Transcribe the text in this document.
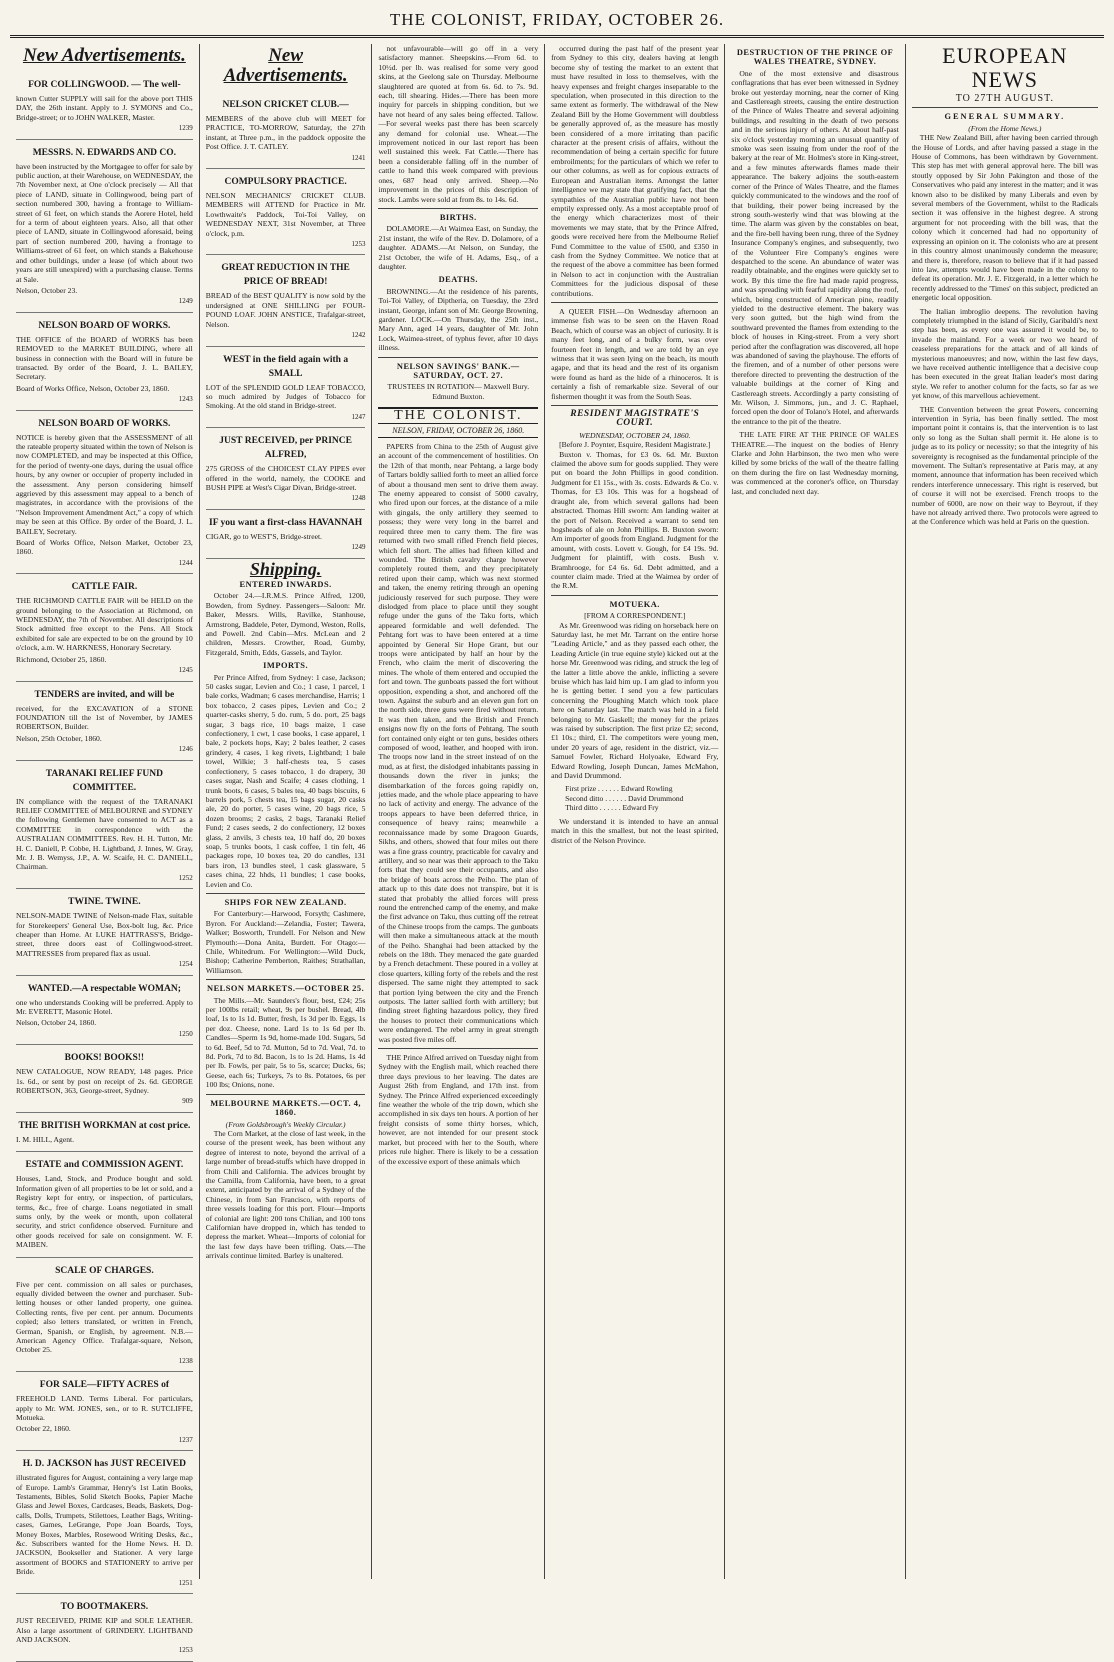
THE COLONIST, FRIDAY, OCTOBER 26.
New Advertisements.
FOR COLLINGWOOD. — The well-

known Cutter SUPPLY will sail for the above port THIS DAY, the 26th instant. Apply to J. SYMONS and Co., Bridge-street; or to JOHN WALKER, Master.

1239
MESSRS. N. EDWARDS AND CO.

have been instructed by the Mortgagee to offer for sale by public auction, at their Warehouse, on WEDNESDAY, the 7th November next, at One o'clock precisely — All that piece of LAND, situate in Collingwood, being part of section numbered 300, having a frontage to William-street of 61 feet, on which stands the Aorere Hotel, held for a term of about eighteen years. Also, all that other piece of LAND, situate in Collingwood aforesaid, being part of section numbered 200, having a frontage to Williams-street of 61 feet, on which stands a Bakehouse and other buildings, under a lease (of which about two years are still unexpired) with a purchasing clause. Terms at Sale.

Nelson, October 23.

1249
NELSON BOARD OF WORKS.

THE OFFICE of the BOARD of WORKS has been REMOVED to the MARKET BUILDING, where all business in connection with the Board will in future be transacted. By order of the Board, J. L. BAILEY, Secretary.

Board of Works Office, Nelson, October 23, 1860.

1243
NELSON BOARD OF WORKS.

NOTICE is hereby given that the ASSESSMENT of all the rateable property situated within the town of Nelson is now COMPLETED, and may be inspected at this Office, for the period of twenty-one days, during the usual office hours, by any owner or occupier of property included in the assessment. Any person considering himself aggrieved by this assessment may appeal to a bench of magistrates, in accordance with the provisions of the "Nelson Improvement Amendment Act," a copy of which may be seen at this Office. By order of the Board, J. L. BAILEY, Secretary.

Board of Works Office, Nelson Market, October 23, 1860.

1244
CATTLE FAIR.

THE RICHMOND CATTLE FAIR will be HELD on the ground belonging to the Association at Richmond, on WEDNESDAY, the 7th of November. All descriptions of Stock admitted free except to the Pens. All Stock exhibited for sale are expected to be on the ground by 10 o'clock, a.m. W. HARKNESS, Honorary Secretary.

Richmond, October 25, 1860.

1245
TENDERS are invited, and will be

received, for the EXCAVATION of a STONE FOUNDATION till the 1st of November, by JAMES ROBERTSON, Builder.

Nelson, 25th October, 1860.

1246
TARANAKI RELIEF FUND COMMITTEE.

IN compliance with the request of the TARANAKI RELIEF COMMITTEE of MELBOURNE and SYDNEY the following Gentlemen have consented to ACT as a COMMITTEE in correspondence with the AUSTRALIAN COMMITTEES. Rev. H. H. Tutton, Mr. H. C. Daniell, P. Cobbe, H. Lightband, J. Innes, W. Gray, Mr. J. B. Wemyss, J.P., A. W. Scaife, H. C. DANIELL, Chairman.

1252
TWINE. TWINE.

NELSON-MADE TWINE of Nelson-made Flax, suitable for Storekeepers' General Use, Box-bolt lug, &c. Price cheaper than Home. At LUKE HATTRASS'S, Bridge-street, three doors east of Collingwood-street. MATTRESSES from prepared flax as usual.

1254
WANTED.—A respectable WOMAN;

one who understands Cooking will be preferred. Apply to Mr. EVERETT, Masonic Hotel.

Nelson, October 24, 1860.

1250
BOOKS! BOOKS!!

NEW CATALOGUE, NOW READY, 148 pages. Price 1s. 6d., or sent by post on receipt of 2s. 6d. GEORGE ROBERTSON, 363, George-street, Sydney.

909
THE BRITISH WORKMAN at cost price.

I. M. HILL, Agent.

ESTATE and COMMISSION AGENT.

Houses, Land, Stock, and Produce bought and sold. Information given of all properties to be let or sold, and a Registry kept for entry, or inspection, of particulars, terms, &c., free of charge. Loans negotiated in small sums only, by the week or month, upon collateral security, and strict confidence observed. Furniture and other goods received for sale on consignment. W. F. MAIBEN.

SCALE OF CHARGES.

Five per cent. commission on all sales or purchases, equally divided between the owner and purchaser. Sub-letting houses or other landed property, one guinea. Collecting rents, five per cent. per annum. Documents copied; also letters translated, or written in French, German, Spanish, or English, by agreement. N.B.—American Agency Office. Trafalgar-square, Nelson, October 25.

1238
FOR SALE—FIFTY ACRES of

FREEHOLD LAND. Terms Liberal. For particulars, apply to Mr. WM. JONES, sen., or to R. SUTCLIFFE, Motueka.

October 22, 1860.

1237
H. D. JACKSON has JUST RECEIVED

illustrated figures for August, containing a very large map of Europe. Lamb's Grammar, Henry's 1st Latin Books, Testaments, Bibles, Solid Sketch Books, Papier Mache Glass and Jewel Boxes, Cardcases, Beads, Baskets, Dog-calls, Dolls, Trumpets, Stilettoes, Leather Bags, Writing-cases, Games, LeGrange, Pope Joan Boards, Toys, Money Boxes, Marbles, Rosewood Writing Desks, &c., &c. Subscribers wanted for the Home News. H. D. JACKSON, Bookseller and Stationer. A very large assortment of BOOKS and STATIONERY to arrive per Bride.

1251
TO BOOTMAKERS.

JUST RECEIVED, PRIME KIP and SOLE LEATHER. Also a large assortment of GRINDERY. LIGHTBAND AND JACKSON.

1253
New Advertisements.
NELSON CRICKET CLUB.—

MEMBERS of the above club will MEET for PRACTICE, TO-MORROW, Saturday, the 27th instant, at Three p.m., in the paddock opposite the Post Office. J. T. CATLEY.

1241
COMPULSORY PRACTICE.

NELSON MECHANICS' CRICKET CLUB. MEMBERS will ATTEND for Practice in Mr. Lowthwaite's Paddock, Toi-Toi Valley, on WEDNESDAY NEXT, 31st November, at Three o'clock, p.m.

1253
GREAT REDUCTION IN THE PRICE OF BREAD!

BREAD of the BEST QUALITY is now sold by the undersigned at ONE SHILLING per FOUR-POUND LOAF. JOHN ANSTICE, Trafalgar-street, Nelson.

1242
WEST in the field again with a SMALL

LOT of the SPLENDID GOLD LEAF TOBACCO, so much admired by Judges of Tobacco for Smoking. At the old stand in Bridge-street.

1247
JUST RECEIVED, per PRINCE ALFRED,

275 GROSS of the CHOICEST CLAY PIPES ever offered in the world, namely, the COOKE and BUSH PIPE at West's Cigar Divan, Bridge-street.

1248
IF you want a first-class HAVANNAH

CIGAR, go to WEST'S, Bridge-street.

1249
Shipping.
ENTERED INWARDS.

October 24.—I.R.M.S. Prince Alfred, 1200, Bowden, from Sydney. Passengers—Saloon: Mr. Baker, Messrs. Wills, Ravilke, Stanhouse, Armstrong, Baddele, Peter, Dymond, Weston, Rolls, and Powell. 2nd Cabin—Mrs. McLean and 2 children, Messrs. Crowther, Road, Gumby, Fitzgerald, Smith, Edds, Gassels, and Taylor.

IMPORTS.

Per Prince Alfred, from Sydney: 1 case, Jackson; 50 casks sugar, Levien and Co.; 1 case, 1 parcel, 1 bale corks, Wadman; 6 cases merchandise, Harris; 1 box tobacco, 2 cases pipes, Levien and Co.; 2 quarter-casks sherry, 5 do. rum, 5 do. port, 25 bags sugar, 3 bags rice, 10 bags maize, 1 case confectionery, 1 cwt, 1 case books, 1 case apparel, 1 bale, 2 pockets hops, Kay; 2 bales leather, 2 cases grindery, 4 cases, 1 keg rivets, Lightband; 1 bale towel, Wilkie; 3 half-chests tea, 5 cases confectionery, 5 cases tobacco, 1 do drapery, 30 cases sugar, Nash and Scaife; 4 cases clothing, 1 trunk boots, 6 cases, 5 bales tea, 40 bags biscuits, 6 barrels pork, 5 chests tea, 15 bags sugar, 20 casks ale, 20 do porter, 5 cases wine, 20 bags rice, 5 dozen brooms; 2 casks, 2 bags, Taranaki Relief Fund; 2 cases seeds, 2 do confectionery, 12 boxes glass, 2 anvils, 3 chests tea, 10 half do, 20 boxes soap, 5 trunks boots, 1 cask coffee, 1 tin felt, 46 packages rope, 10 boxes tea, 20 do candles, 131 bars iron, 13 bundles steel, 1 cask glassware, 5 cases china, 22 hhds, 11 bundles; 1 case books, Levien and Co.

SHIPS FOR NEW ZEALAND.

For Canterbury:—Harwood, Forsyth; Cashmere, Byron. For Auckland:—Zelandia, Foster; Tawera, Walker; Bosworth, Trundell. For Nelson and New Plymouth:—Dona Anita, Burdett. For Otago:—Chile, Whitedrum. For Wellington:—Wild Duck, Bishop; Catherine Pemberton, Raithes; Strathallan, Williamson.

NELSON MARKETS.—OCTOBER 25.

The Mills.—Mr. Saunders's flour, best, £24; 25s per 100lbs retail; wheat, 9s per bushel. Bread, 4lb loaf, 1s to 1s 1d. Butter, fresh, 1s 3d per lb. Eggs, 1s per doz. Cheese, none. Lard 1s to 1s 6d per lb. Candles—Sperm 1s 9d, home-made 10d. Sugars, 5d to 6d. Beef, 5d to 7d. Mutton, 5d to 7d. Veal, 7d. to 8d. Pork, 7d to 8d. Bacon, 1s to 1s 2d. Hams, 1s 4d per lb. Fowls, per pair, 5s to 5s, scarce; Ducks, 6s; Geese, each 6s; Turkeys, 7s to 8s. Potatoes, 6s per 100 lbs; Onions, none.

MELBOURNE MARKETS.—OCT. 4, 1860.
(From Goldsbrough's Weekly Circular.)

The Corn Market, at the close of last week, in the course of the present week, has been without any degree of interest to note, beyond the arrival of a large number of bread-stuffs which have dropped in from Chili and California. The advices brought by the Camilla, from California, have been, to a great extent, anticipated by the arrival of a Sydney of the Chinese, in from San Francisco, with reports of three vessels loading for this port. Flour—Imports of colonial are light: 200 tons Chilian, and 100 tons Californian have dropped in, which has tended to depress the market. Wheat—Imports of colonial for the last few days have been trifling. Oats.—The arrivals continue limited. Barley is unaltered.

not unfavourable—will go off in a very satisfactory manner. Sheepskins.—From 6d. to 10½d. per lb. was realised for some very good skins, at the Geelong sale on Thursday. Melbourne slaughtered are quoted at from 6s. 6d. to 7s. 9d. each, till shearing. Hides.—There has been more inquiry for parcels in shipping condition, but we have not heard of any sales being effected. Tallow.—For several weeks past there has been scarcely any demand for colonial use. Wheat.—The improvement noticed in our last report has been well sustained this week. Fat Cattle.—There has been a considerable falling off in the number of cattle to hand this week compared with previous ones, 687 head only arrived. Sheep.—No improvement in the prices of this description of stock. Lambs were sold at from 8s. to 14s. 6d.

BIRTHS.

DOLAMORE.—At Waimea East, on Sunday, the 21st instant, the wife of the Rev. D. Dolamore, of a daughter. ADAMS.—At Nelson, on Sunday, the 21st October, the wife of H. Adams, Esq., of a daughter.

DEATHS.

BROWNING.—At the residence of his parents, Toi-Toi Valley, of Diptheria, on Tuesday, the 23rd instant, George, infant son of Mr. George Browning, gardener. LOCK.—On Thursday, the 25th inst., Mary Ann, aged 14 years, daughter of Mr. John Lock, Waimea-street, of typhus fever, after 10 days illness.

NELSON SAVINGS' BANK.—SATURDAY, OCT. 27.
TRUSTEES IN ROTATION— Maxwell Bury. Edmund Buxton.
THE COLONIST.
NELSON, FRIDAY, OCTOBER 26, 1860.

PAPERS from China to the 25th of August give an account of the commencement of hostilities. On the 12th of that month, near Pehtang, a large body of Tartars boldly sallied forth to meet an allied force of about a thousand men sent to drive them away. The enemy appeared to consist of 5000 cavalry, who fired upon our forces, at the distance of a mile with gingals, the only artillery they seemed to possess; they were very long in the barrel and required three men to carry them. The fire was returned with two small rifled French field pieces, which fell short. The allies had fifteen killed and wounded. The British cavalry charge however completely routed them, and they precipitately retired upon their camp, which was next stormed and taken, the enemy retiring through an opening judiciously reserved for such purpose. They were dislodged from place to place until they sought refuge under the guns of the Taku forts, which appeared formidable and well defended. The Pehtang fort was to have been entered at a time appointed by General Sir Hope Grant, but our troops were anticipated by half an hour by the French, who claim the merit of discovering the mines. The whole of them entered and occupied the fort and town. The gunboats passed the fort without opposition, expending a shot, and anchored off the town. Against the suburb and an eleven gun fort on the north side, three guns were fired without return. It was then taken, and the British and French ensigns now fly on the forts of Pehtang. The south fort contained only eight or ten guns, besides others composed of wood, leather, and hooped with iron. The troops now land in the street instead of on the mud, as at first, the dislodged inhabitants passing in thousands down the river in junks; the disembarkation of the forces going rapidly on, jetties made, and the whole place appearing to have no lack of activity and energy. The advance of the troops appears to have been deferred thrice, in consequence of heavy rains; meanwhile a reconnaissance made by some Dragoon Guards, Sikhs, and others, showed that four miles out there was a fine grass country, practicable for cavalry and artillery, and so near was their approach to the Taku forts that they could see their occupants, and also the bridge of boats across the Peiho. The plan of attack up to this date does not transpire, but it is stated that probably the allied forces will press round the entrenched camp of the enemy, and make the first advance on Taku, thus cutting off the retreat of the Chinese troops from the camps. The gunboats will then make a simultaneous attack at the mouth of the Peiho. Shanghai had been attacked by the rebels on the 18th. They menaced the gate guarded by a French detachment. These poured in a volley at close quarters, killing forty of the rebels and the rest dispersed. The same night they attempted to sack that portion lying between the city and the French outposts. The latter sallied forth with artillery; but finding street fighting hazardous policy, they fired the houses to protect their communications which were endangered. The rebel army in great strength was posted five miles off.

THE Prince Alfred arrived on Tuesday night from Sydney with the English mail, which reached there three days previous to her leaving. The dates are August 26th from England, and 17th inst. from Sydney. The Prince Alfred experienced exceedingly fine weather the whole of the trip down, which she accomplished in six days ten hours. A portion of her freight consists of some thirty horses, which, however, are not intended for our present stock market, but proceed with her to the South, where prices rule higher. There is likely to be a cessation of the excessive export of these animals which

occurred during the past half of the present year from Sydney to this city, dealers having at length become shy of testing the market to an extent that must have resulted in loss to themselves, with the heavy expenses and freight charges inseparable to the speculation, when prosecuted in this direction to the same extent as formerly. The withdrawal of the New Zealand Bill by the Home Government will doubtless be generally approved of, as the measure has mostly been considered of a more irritating than pacific character at the present crisis of affairs, without the recommendation of being a certain specific for future embroilments; for the particulars of which we refer to our other columns, as well as for copious extracts of European and Australian items. Amongst the latter intelligence we may state that gratifying fact, that the sympathies of the Australian public have not been emptily expressed only. As a most acceptable proof of the energy which characterizes most of their movements we may state, that by the Prince Alfred, goods were received here from the Melbourne Relief Fund Committee to the value of £500, and £350 in cash from the Sydney Committee. We notice that at the request of the above a committee has been formed in Nelson to act in conjunction with the Australian Committees for the judicious disposal of these contributions.

A QUEER FISH.—On Wednesday afternoon an immense fish was to be seen on the Haven Road Beach, which of course was an object of curiosity. It is many feet long, and of a bulky form, was over fourteen feet in length, and we are told by an eye witness that it was seen lying on the beach, its mouth agape, and that its head and the rest of its organism were found as hard as the hide of a rhinoceros. It is certainly a fish of remarkable size. Several of our fishermen thought it was from the South Seas.

RESIDENT MAGISTRATE'S COURT.
WEDNESDAY, OCTOBER 24, 1860.
[Before J. Poynter, Esquire, Resident Magistrate.]

Buxton v. Thomas, for £3 0s. 6d. Mr. Buxton claimed the above sum for goods supplied. They were put on board the John Phillips in good condition. Judgment for £1 15s., with 3s. costs. Edwards & Co. v. Thomas, for £3 10s. This was for a hogshead of draught ale, from which several gallons had been abstracted. Thomas Hill sworn: Am landing waiter at the port of Nelson. Received a warrant to send ten hogsheads of ale on John Phillips. B. Buxton sworn: Am importer of goods from England. Judgment for the amount, with costs. Lovett v. Gough, for £4 19s. 9d. Judgment for plaintiff, with costs. Bush v. Bramhrooge, for £4 6s. 6d. Debt admitted, and a counter claim made. Tried at the Waimea by order of the R.M.

MOTUEKA.
[FROM A CORRESPONDENT.]

As Mr. Greenwood was riding on horseback here on Saturday last, he met Mr. Tarrant on the entire horse "Leading Article," and as they passed each other, the Leading Article (in true equine style) kicked out at the horse Mr. Greenwood was riding, and struck the leg of the latter a little above the ankle, inflicting a severe bruise which has laid him up. I am glad to inform you he is getting better. I send you a few particulars concerning the Ploughing Match which took place here on Saturday last. The match was held in a field belonging to Mr. Gaskell; the money for the prizes was raised by subscription. The first prize £2; second, £1 10s.; third, £1. The competitors were young men, under 20 years of age, resident in the district, viz.—Samuel Fowler, Richard Holyoake, Edward Fry, Edward Rowling, Joseph Duncan, James McMahon, and David Drummond.

First prize . . . . . . Edward Rowling
Second ditto . . . . . . David Drummond
Third ditto . . . . . . Edward Fry

We understand it is intended to have an annual match in this the smallest, but not the least spirited, district of the Nelson Province.

DESTRUCTION OF THE PRINCE OF WALES THEATRE, SYDNEY.

One of the most extensive and disastrous conflagrations that has ever been witnessed in Sydney broke out yesterday morning, near the corner of King and Castlereagh streets, causing the entire destruction of the Prince of Wales Theatre and several adjoining buildings, and resulting in the death of two persons and in the serious injury of others. At about half-past six o'clock yesterday morning an unusual quantity of smoke was seen issuing from under the roof of the bakery at the rear of Mr. Holmes's store in King-street, and a few minutes afterwards flames made their appearance. The bakery adjoins the south-eastern corner of the Prince of Wales Theatre, and the flames quickly communicated to the windows and the roof of that building, their power being increased by the strong south-westerly wind that was blowing at the time. The alarm was given by the constables on beat, and the fire-bell having been rung, three of the Sydney Insurance Company's engines, and subsequently, two of the Volunteer Fire Company's engines were despatched to the scene. An abundance of water was readily obtainable, and the engines were quickly set to work. By this time the fire had made rapid progress, and was spreading with fearful rapidity along the roof, which, being constructed of American pine, readily yielded to the destructive element. The bakery was very soon gutted, but the high wind from the southward prevented the flames from extending to the block of houses in King-street. From a very short period after the conflagration was discovered, all hope was abandoned of saving the playhouse. The efforts of the firemen, and of a number of other persons were therefore directed to preventing the destruction of the valuable buildings at the corner of King and Castlereagh streets. Accordingly a party consisting of Mr. Wilson, J. Simmons, jun., and J. C. Raphael, forced open the door of Tolano's Hotel, and afterwards the entrance to the pit of the theatre.

THE LATE FIRE AT THE PRINCE OF WALES THEATRE.—The inquest on the bodies of Henry Clarke and John Harbinson, the two men who were killed by some bricks of the wall of the theatre falling on them during the fire on last Wednesday morning, was commenced at the coroner's office, on Thursday last, and concluded next day.

EUROPEAN NEWS
TO 27TH AUGUST.
GENERAL SUMMARY.
(From the Home News.)

THE New Zealand Bill, after having been carried through the House of Lords, and after having passed a stage in the House of Commons, has been withdrawn by Government. This step has met with general approval here. The bill was stoutly opposed by Sir John Pakington and those of the Conservatives who paid any interest in the matter; and it was known also to be disliked by many Liberals and even by several members of the Government, whilst to the Radicals section it was offensive in the highest degree. A strong argument for not proceeding with the bill was, that the colony which it concerned had had no opportunity of expressing an opinion on it. The colonists who are at present in this country almost unanimously condemn the measure; and there is, therefore, reason to believe that if it had passed into law, attempts would have been made in the colony to defeat its operation. Mr. J. E. Fitzgerald, in a letter which he recently addressed to the 'Times' on this subject, predicted an energetic local opposition.

The Italian imbroglio deepens. The revolution having completely triumphed in the island of Sicily, Garibaldi's next step has been, as every one was assured it would be, to invade the mainland. For a week or two we heard of ceaseless preparations for the attack and of all kinds of mysterious manoeuvres; and now, within the last few days, we have received authentic intelligence that a decisive coup has been executed in the great Italian leader's most daring style. We refer to another column for the facts, so far as we yet know, of this marvellous achievement.

THE Convention between the great Powers, concerning intervention in Syria, has been finally settled. The most important point it contains is, that the intervention is to last only so long as the Sultan shall permit it. He alone is to judge as to its policy or necessity; so that the integrity of his sovereignty is recognised as the fundamental principle of the movement. The Sultan's representative at Paris may, at any moment, announce that information has been received which renders interference unnecessary. This right is reserved, but of course it will not be exercised. French troops to the number of 6000, are now on their way to Beyrout, if they have not already arrived there. Two protocols were agreed to at the Conference which was held at Paris on the question.
